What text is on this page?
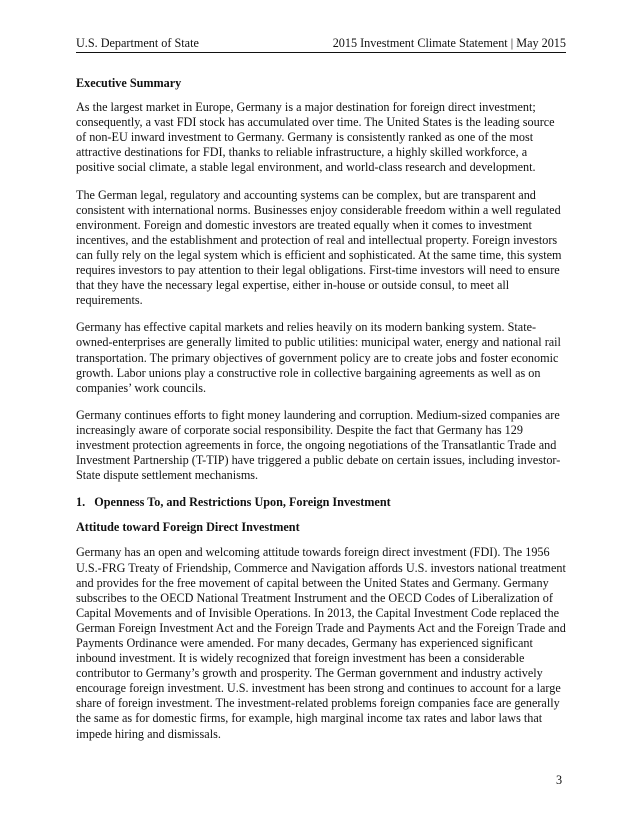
U.S. Department of State	2015 Investment Climate Statement | May 2015
Executive Summary

As the largest market in Europe, Germany is a major destination for foreign direct investment; consequently, a vast FDI stock has accumulated over time. The United States is the leading source of non-EU inward investment to Germany. Germany is consistently ranked as one of the most attractive destinations for FDI, thanks to reliable infrastructure, a highly skilled workforce, a positive social climate, a stable legal environment, and world-class research and development.

The German legal, regulatory and accounting systems can be complex, but are transparent and consistent with international norms. Businesses enjoy considerable freedom within a well regulated environment. Foreign and domestic investors are treated equally when it comes to investment incentives, and the establishment and protection of real and intellectual property. Foreign investors can fully rely on the legal system which is efficient and sophisticated. At the same time, this system requires investors to pay attention to their legal obligations. First-time investors will need to ensure that they have the necessary legal expertise, either in-house or outside consul, to meet all requirements.

Germany has effective capital markets and relies heavily on its modern banking system. State-owned-enterprises are generally limited to public utilities: municipal water, energy and national rail transportation. The primary objectives of government policy are to create jobs and foster economic growth. Labor unions play a constructive role in collective bargaining agreements as well as on companies’ work councils.

Germany continues efforts to fight money laundering and corruption. Medium-sized companies are increasingly aware of corporate social responsibility. Despite the fact that Germany has 129 investment protection agreements in force, the ongoing negotiations of the Transatlantic Trade and Investment Partnership (T-TIP) have triggered a public debate on certain issues, including investor-State dispute settlement mechanisms.

1.   Openness To, and Restrictions Upon, Foreign Investment
Attitude toward Foreign Direct Investment

Germany has an open and welcoming attitude towards foreign direct investment (FDI). The 1956 U.S.-FRG Treaty of Friendship, Commerce and Navigation affords U.S. investors national treatment and provides for the free movement of capital between the United States and Germany. Germany subscribes to the OECD National Treatment Instrument and the OECD Codes of Liberalization of Capital Movements and of Invisible Operations. In 2013, the Capital Investment Code replaced the German Foreign Investment Act and the Foreign Trade and Payments Act and the Foreign Trade and Payments Ordinance were amended. For many decades, Germany has experienced significant inbound investment. It is widely recognized that foreign investment has been a considerable contributor to Germany’s growth and prosperity. The German government and industry actively encourage foreign investment. U.S. investment has been strong and continues to account for a large share of foreign investment. The investment-related problems foreign companies face are generally the same as for domestic firms, for example, high marginal income tax rates and labor laws that impede hiring and dismissals.

3
